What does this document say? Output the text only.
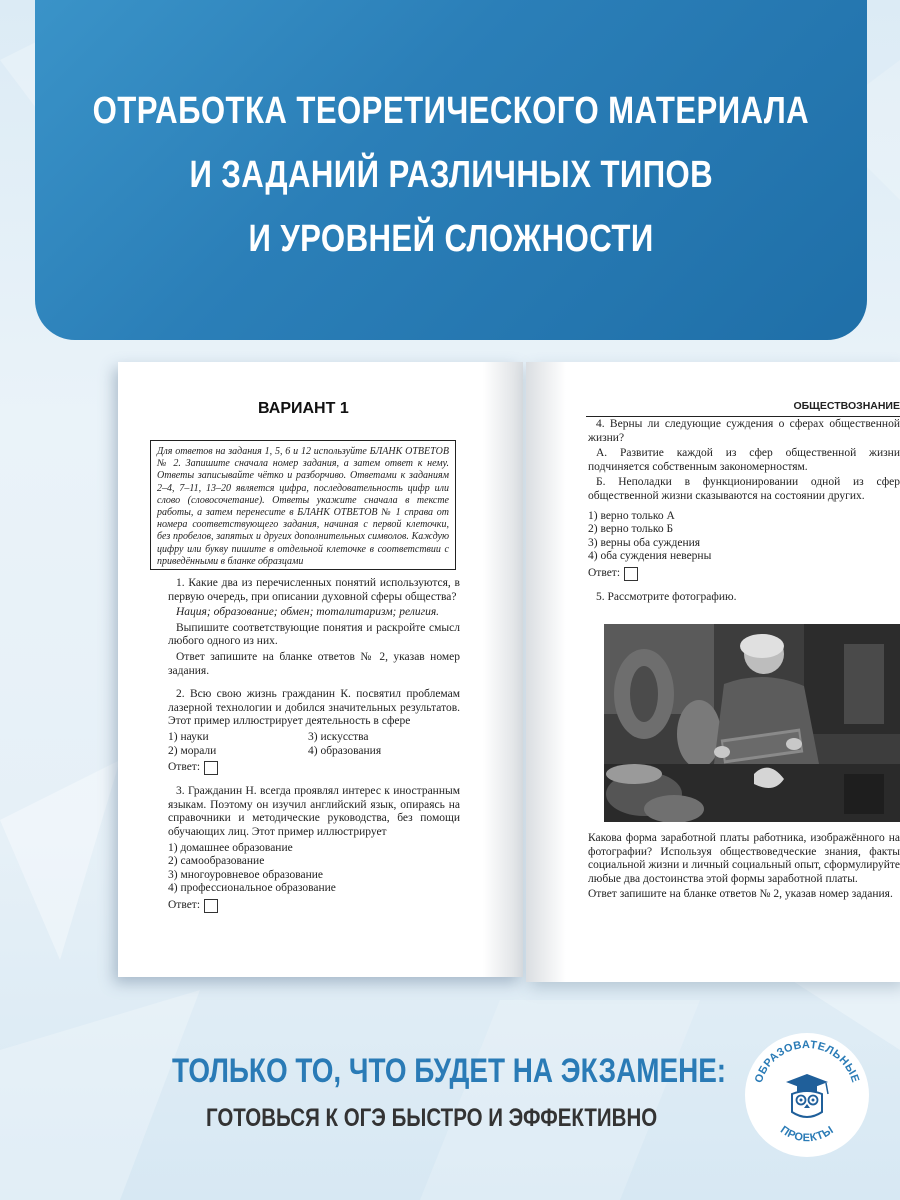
ОТРАБОТКА ТЕОРЕТИЧЕСКОГО МАТЕРИАЛА
И ЗАДАНИЙ РАЗЛИЧНЫХ ТИПОВ
И УРОВНЕЙ СЛОЖНОСТИ
ВАРИАНТ 1
Для ответов на задания 1, 5, 6 и 12 используйте БЛАНК ОТВЕТОВ № 2. Запишите сначала номер задания, а затем ответ к нему. Ответы записывайте чётко и разборчиво. Ответами к заданиям 2–4, 7–11, 13–20 является цифра, последовательность цифр или слово (словосочетание). Ответы укажите сначала в тексте работы, а затем перенесите в БЛАНК ОТВЕТОВ № 1 справа от номера соответствующего задания, начиная с первой клеточки, без пробелов, запятых и других дополнительных символов. Каждую цифру или букву пишите в отдельной клеточке в соответствии с приведёнными в бланке образцами

1. Какие два из перечисленных понятий используются, в первую очередь, при описании духовной сферы общества?

Нация; образование; обмен; тоталитаризм; религия.

Выпишите соответствующие понятия и раскройте смысл любого одного из них.

Ответ запишите на бланке ответов № 2, указав номер задания.

2. Всю свою жизнь гражданин К. посвятил проблемам лазерной технологии и добился значительных результатов. Этот пример иллюстрирует деятельность в сфере

1) науки	3) искусства
2) морали	4) образования
Ответ:

3. Гражданин Н. всегда проявлял интерес к иностранным языкам. Поэтому он изучил английский язык, опираясь на справочники и методические руководства, без помощи обучающих лиц. Этот пример иллюстрирует

1) домашнее образование
2) самообразование
3) многоуровневое образование
4) профессиональное образование
Ответ:
ОБЩЕСТВОЗНАНИЕ

4. Верны ли следующие суждения о сферах общественной жизни?

А. Развитие каждой из сфер общественной жизни подчиняется собственным закономерностям.

Б. Неполадки в функционировании одной из сфер общественной жизни сказываются на состоянии других.

1) верно только А
2) верно только Б
3) верны оба суждения
4) оба суждения неверны
Ответ:

5. Рассмотрите фотографию.

Какова форма заработной платы работника, изображённого на фотографии? Используя обществоведческие знания, факты социальной жизни и личный социальный опыт, сформулируйте любые два достоинства этой формы заработной платы.

Ответ запишите на бланке ответов № 2, указав номер задания.

ТОЛЬКО ТО, ЧТО БУДЕТ НА ЭКЗАМЕНЕ:
ГОТОВЬСЯ К ОГЭ БЫСТРО И ЭФФЕКТИВНО
ОБРАЗОВАТЕЛЬНЫЕ
ПРОЕКТЫ
